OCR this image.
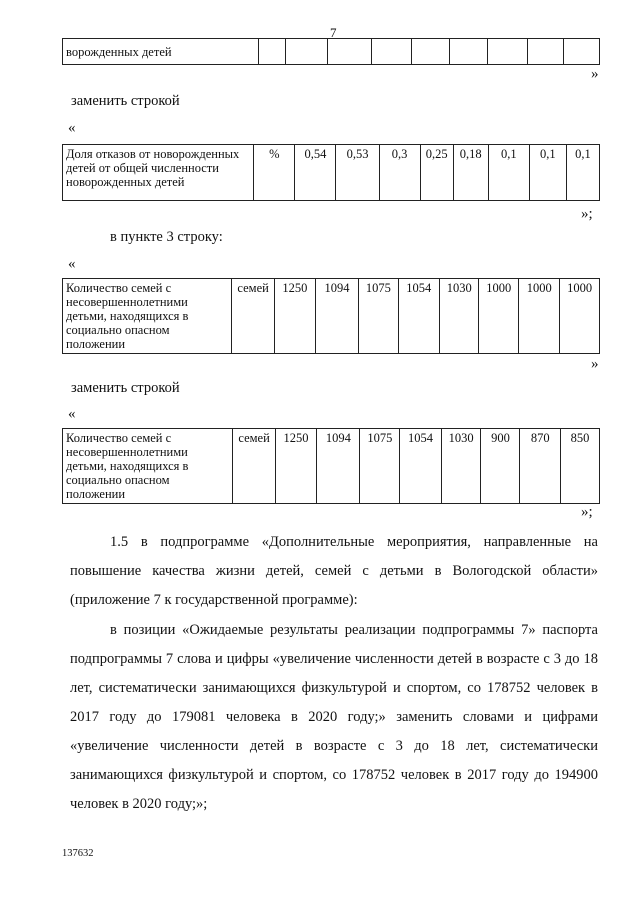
7
ворожденных детей									
»
заменить строкой
«
Доля отказов от новорожденных детей от общей численности новорожденных детей	%	0,54	0,53	0,3	0,25	0,18	0,1	0,1	0,1
»;
в пункте 3 строку:
«
Количество семей с несовершеннолетними детьми, находящихся в социально опасном положении	семей	1250	1094	1075	1054	1030	1000	1000	1000
»
заменить строкой
«
Количество семей с несовершеннолетними детьми, находящихся в социально опасном положении	семей	1250	1094	1075	1054	1030	900	870	850
»;
1.5 в подпрограмме «Дополнительные мероприятия, направленные на повышение качества жизни детей, семей с детьми в Вологодской области» (приложение 7 к государственной программе):
в позиции «Ожидаемые результаты реализации подпрограммы 7» паспорта подпрограммы 7 слова и цифры «увеличение численности детей в возрасте с 3 до 18 лет, систематически занимающихся физкультурой и спортом, со 178752 человек в 2017 году до 179081 человека в 2020 году;» заменить словами и цифрами «увеличение численности детей в возрасте с 3 до 18 лет, систематически занимающихся физкультурой и спортом, со 178752 человек в 2017 году до 194900 человек в 2020 году;»;
137632
